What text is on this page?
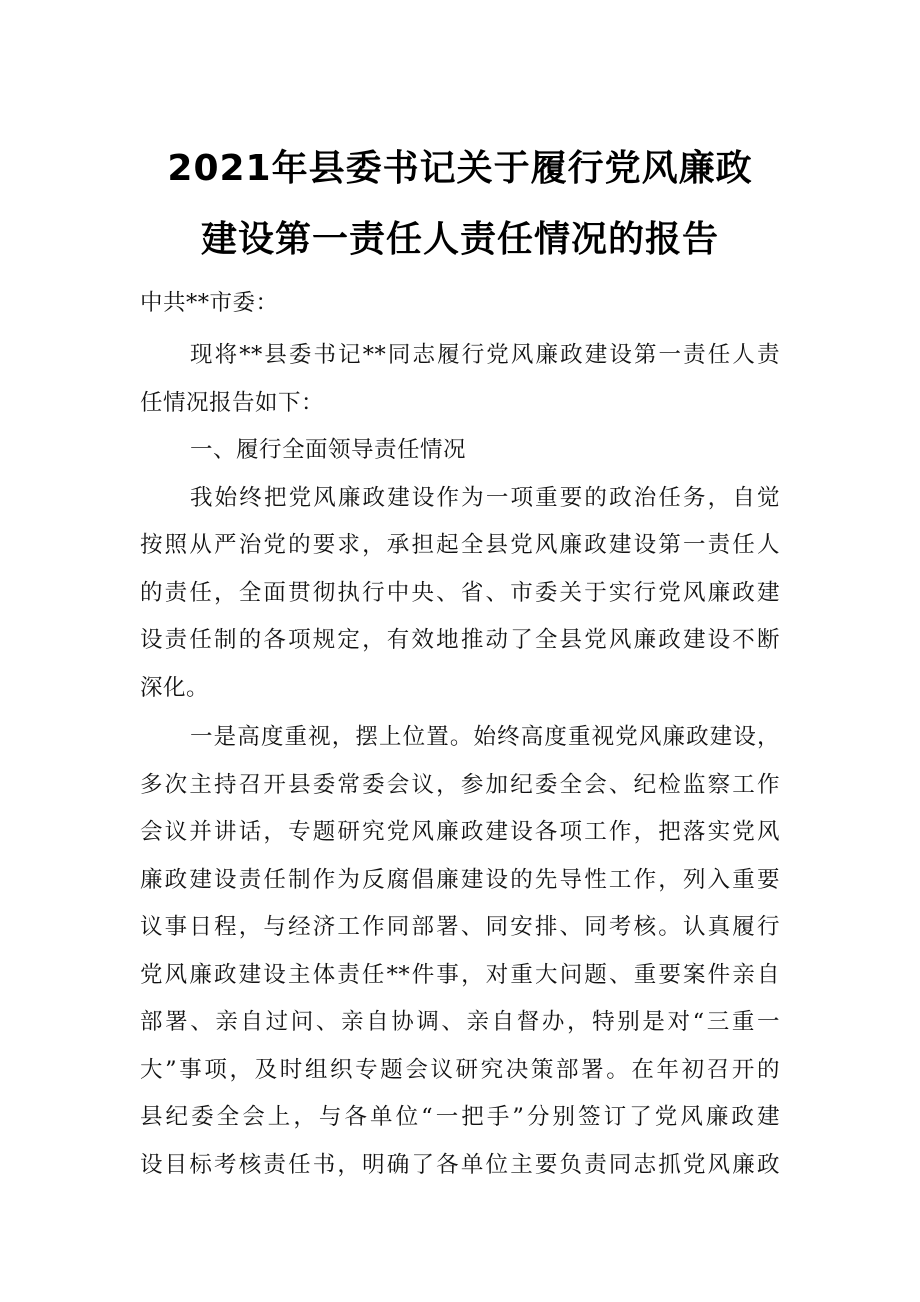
2021年县委书记关于履行党风廉政
建设第一责任人责任情况的报告
中共**市委：
现将**县委书记**同志履行党风廉政建设第一责任人责
任情况报告如下：
一、履行全面领导责任情况
我始终把党风廉政建设作为一项重要的政治任务，自觉
按照从严治党的要求，承担起全县党风廉政建设第一责任人
的责任，全面贯彻执行中央、省、市委关于实行党风廉政建
设责任制的各项规定，有效地推动了全县党风廉政建设不断
深化。
一是高度重视，摆上位置。始终高度重视党风廉政建设，
多次主持召开县委常委会议，参加纪委全会、纪检监察工作
会议并讲话，专题研究党风廉政建设各项工作，把落实党风
廉政建设责任制作为反腐倡廉建设的先导性工作，列入重要
议事日程，与经济工作同部署、同安排、同考核。认真履行
党风廉政建设主体责任**件事，对重大问题、重要案件亲自
部署、亲自过问、亲自协调、亲自督办，特别是对“三重一
大”事项，及时组织专题会议研究决策部署。在年初召开的
县纪委全会上，与各单位“一把手”分别签订了党风廉政建
设目标考核责任书，明确了各单位主要负责同志抓党风廉政
